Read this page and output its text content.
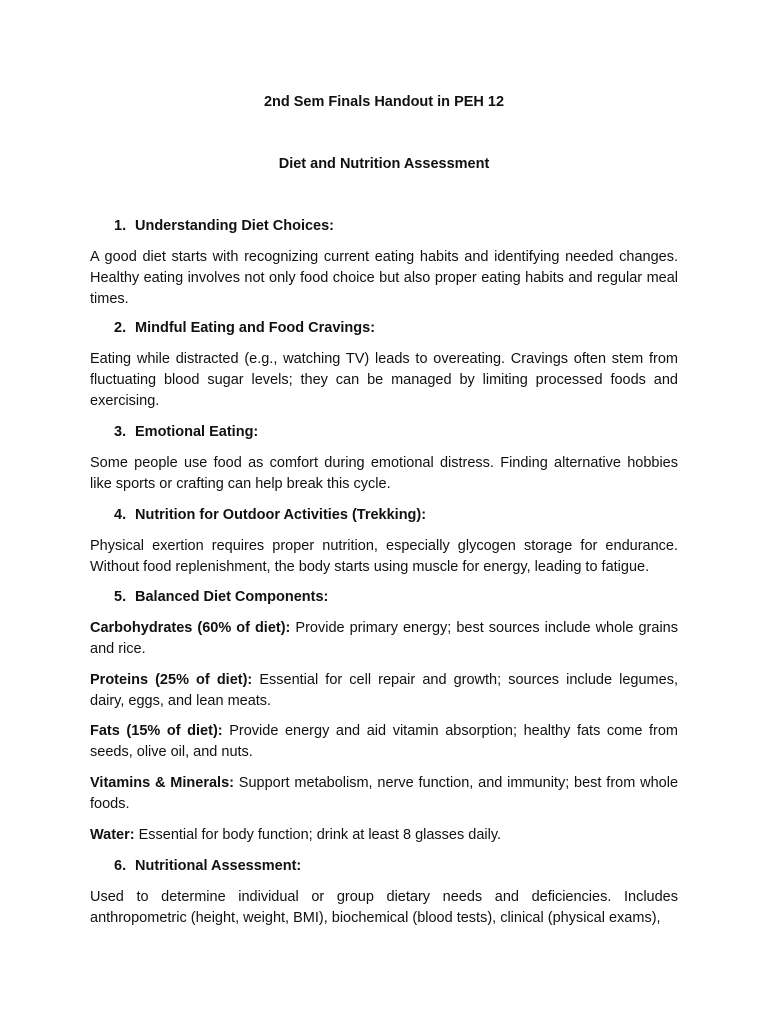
2nd Sem Finals Handout in PEH 12
Diet and Nutrition Assessment
1. Understanding Diet Choices:
A good diet starts with recognizing current eating habits and identifying needed changes. Healthy eating involves not only food choice but also proper eating habits and regular meal times.
2. Mindful Eating and Food Cravings:
Eating while distracted (e.g., watching TV) leads to overeating. Cravings often stem from fluctuating blood sugar levels; they can be managed by limiting processed foods and exercising.
3. Emotional Eating:
Some people use food as comfort during emotional distress. Finding alternative hobbies like sports or crafting can help break this cycle.
4. Nutrition for Outdoor Activities (Trekking):
Physical exertion requires proper nutrition, especially glycogen storage for endurance. Without food replenishment, the body starts using muscle for energy, leading to fatigue.
5. Balanced Diet Components:
Carbohydrates (60% of diet): Provide primary energy; best sources include whole grains and rice.
Proteins (25% of diet): Essential for cell repair and growth; sources include legumes, dairy, eggs, and lean meats.
Fats (15% of diet): Provide energy and aid vitamin absorption; healthy fats come from seeds, olive oil, and nuts.
Vitamins & Minerals: Support metabolism, nerve function, and immunity; best from whole foods.
Water: Essential for body function; drink at least 8 glasses daily.
6. Nutritional Assessment:
Used to determine individual or group dietary needs and deficiencies. Includes anthropometric (height, weight, BMI), biochemical (blood tests), clinical (physical exams),
